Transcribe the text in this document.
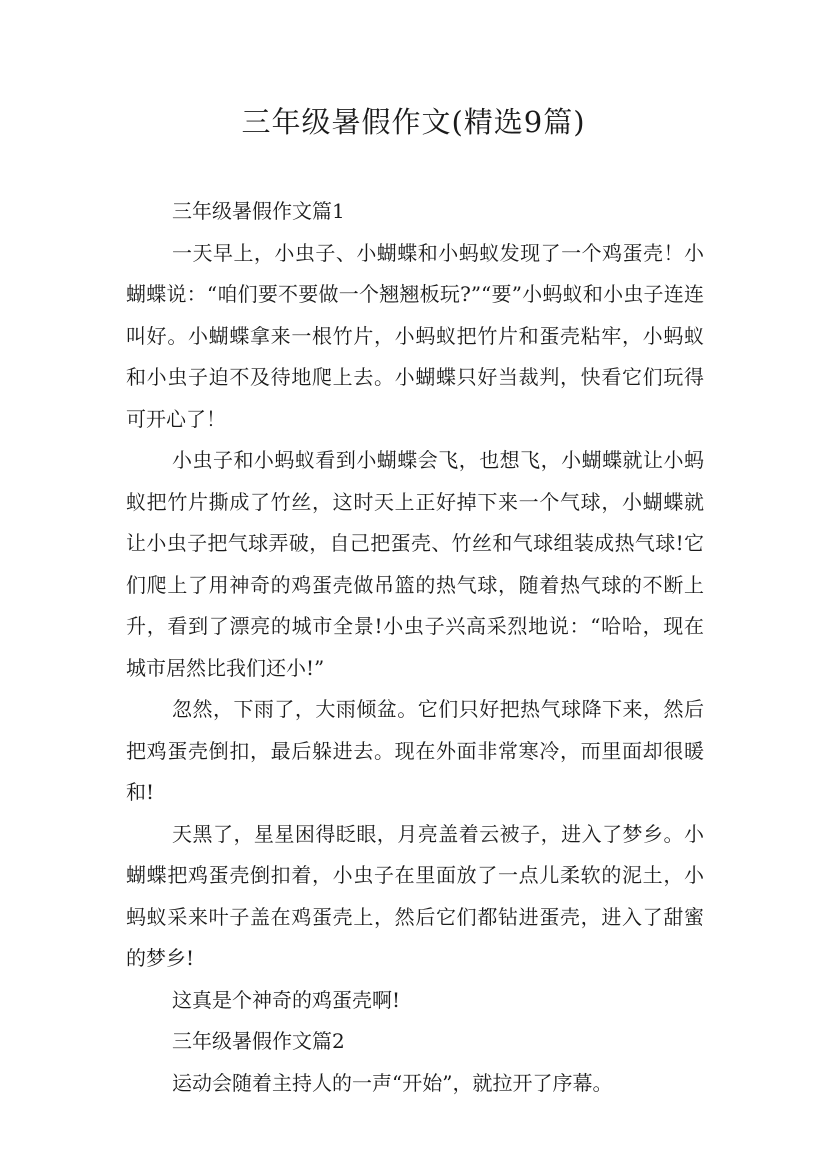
三年级暑假作文(精选9篇)

三年级暑假作文篇1

一天早上，小虫子、小蝴蝶和小蚂蚁发现了一个鸡蛋壳！小蝴蝶说：“咱们要不要做一个翘翘板玩?”“要”小蚂蚁和小虫子连连叫好。小蝴蝶拿来一根竹片，小蚂蚁把竹片和蛋壳粘牢，小蚂蚁和小虫子迫不及待地爬上去。小蝴蝶只好当裁判，快看它们玩得可开心了！

小虫子和小蚂蚁看到小蝴蝶会飞，也想飞，小蝴蝶就让小蚂蚁把竹片撕成了竹丝，这时天上正好掉下来一个气球，小蝴蝶就让小虫子把气球弄破，自己把蛋壳、竹丝和气球组装成热气球!它们爬上了用神奇的鸡蛋壳做吊篮的热气球，随着热气球的不断上升，看到了漂亮的城市全景!小虫子兴高采烈地说：“哈哈，现在城市居然比我们还小!”

忽然，下雨了，大雨倾盆。它们只好把热气球降下来，然后把鸡蛋壳倒扣，最后躲进去。现在外面非常寒冷，而里面却很暖和!

天黑了，星星困得眨眼，月亮盖着云被子，进入了梦乡。小蝴蝶把鸡蛋壳倒扣着，小虫子在里面放了一点儿柔软的泥土，小蚂蚁采来叶子盖在鸡蛋壳上，然后它们都钻进蛋壳，进入了甜蜜的梦乡!

这真是个神奇的鸡蛋壳啊!

三年级暑假作文篇2

运动会随着主持人的一声“开始”，就拉开了序幕。
